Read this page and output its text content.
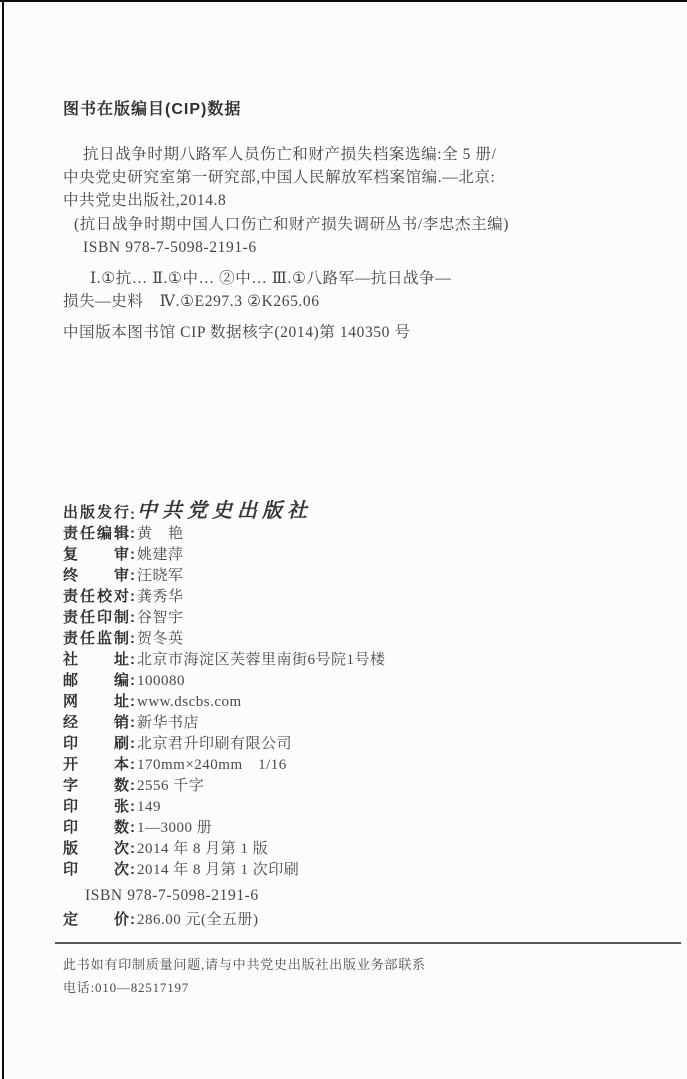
图书在版编目(CIP)数据

抗日战争时期八路军人员伤亡和财产损失档案选编:全 5 册/
中央党史研究室第一研究部,中国人民解放军档案馆编.—北京:
中共党史出版社,2014.8
(抗日战争时期中国人口伤亡和财产损失调研丛书/李忠杰主编)
ISBN 978-7-5098-2191-6
Ⅰ.①抗… Ⅱ.①中… ②中… Ⅲ.①八路军—抗日战争—
损失—史料　Ⅳ.①E297.3 ②K265.06
中国版本图书馆 CIP 数据核字(2014)第 140350 号
出版发行: 中共党史出版社
责任编辑: 黄　艳
复审: 姚建萍
终审: 汪晓军
责任校对: 龚秀华
责任印制: 谷智宇
责任监制: 贺冬英
社址: 北京市海淀区芙蓉里南街6号院1号楼
邮编: 100080
网址: www.dscbs.com
经销: 新华书店
印刷: 北京君升印刷有限公司
开本: 170mm×240mm　1/16
字数: 2556 千字
印张: 149
印数: 1—3000 册
版次: 2014 年 8 月第 1 版
印次: 2014 年 8 月第 1 次印刷
ISBN 978-7-5098-2191-6
定价: 286.00 元(全五册)
此书如有印制质量问题,请与中共党史出版社出版业务部联系
电话:010—82517197
